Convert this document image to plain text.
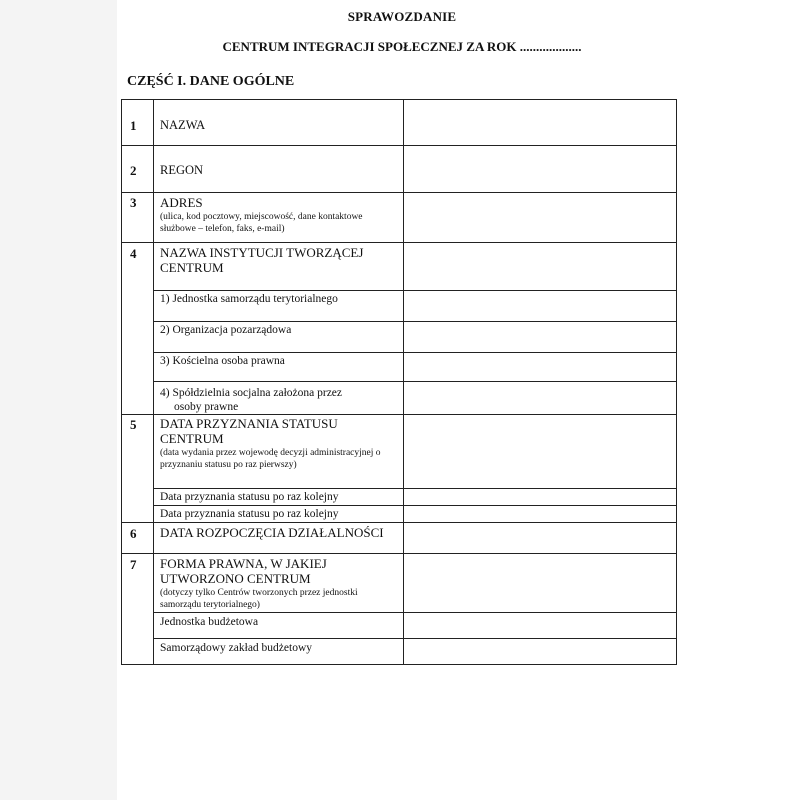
SPRAWOZDANIE
CENTRUM INTEGRACJI SPOŁECZNEJ ZA ROK ...................
CZĘŚĆ I. DANE OGÓLNE
1	NAZWA
2	REGON
3	ADRES
(ulica, kod pocztowy, miejscowość, dane kontaktowe służbowe – telefon, faks, e-mail)
4	NAZWA INSTYTUCJI TWORZĄCEJ CENTRUM
1) Jednostka samorządu terytorialnego
2) Organizacja pozarządowa
3) Kościelna osoba prawna
4) Spółdzielnia socjalna założona przez
osoby prawne
5	DATA PRZYZNANIA STATUSU CENTRUM
(data wydania przez wojewodę decyzji administracyjnej o przyznaniu statusu po raz pierwszy)
Data przyznania statusu po raz kolejny
Data przyznania statusu po raz kolejny
6	DATA ROZPOCZĘCIA DZIAŁALNOŚCI
7	FORMA PRAWNA, W JAKIEJ UTWORZONO CENTRUM
(dotyczy tylko Centrów tworzonych przez jednostki samorządu terytorialnego)
Jednostka budżetowa
Samorządowy zakład budżetowy
